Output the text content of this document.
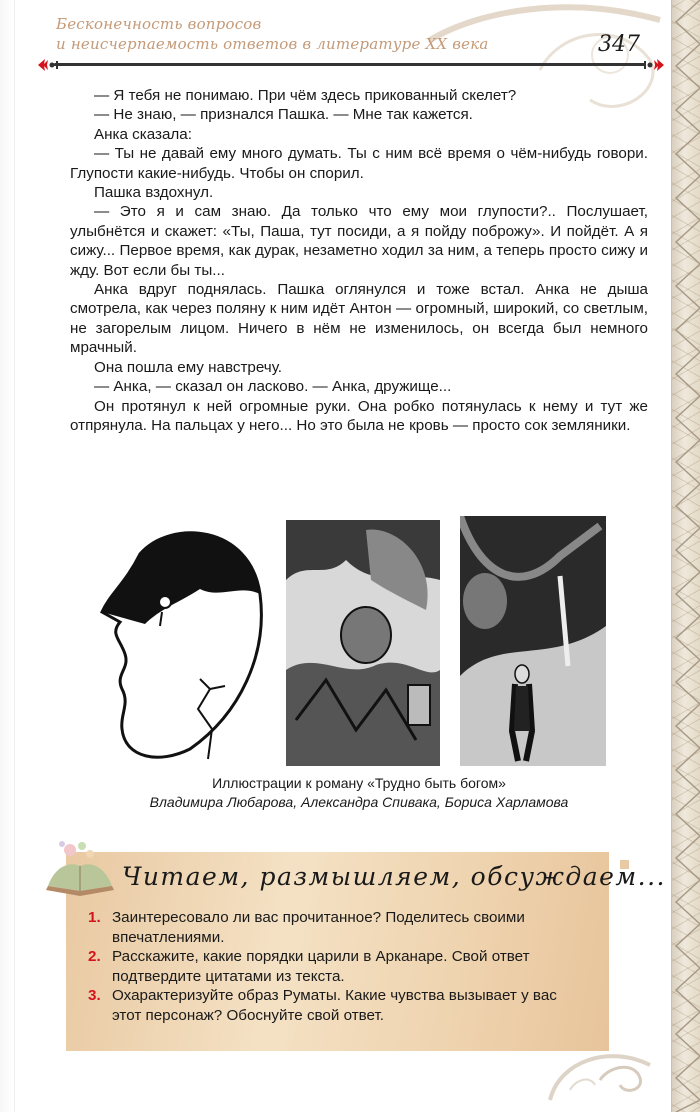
Бесконечность вопросов
и неисчерпаемость ответов в литературе XX века	347

— Я тебя не понимаю. При чём здесь прикованный скелет?

— Не знаю, — признался Пашка. — Мне так кажется.

Анка сказала:

— Ты не давай ему много думать. Ты с ним всё время о чём-нибудь говори. Глупости какие-нибудь. Чтобы он спорил.

Пашка вздохнул.

— Это я и сам знаю. Да только что ему мои глупости?.. Послушает, улыбнётся и скажет: «Ты, Паша, тут посиди, а я пойду поброжу». И пойдёт. А я сижу... Первое время, как дурак, незаметно ходил за ним, а теперь просто сижу и жду. Вот если бы ты...

Анка вдруг поднялась. Пашка оглянулся и тоже встал. Анка не дыша смотрела, как через поляну к ним идёт Антон — огромный, широкий, со светлым, не загорелым лицом. Ничего в нём не изменилось, он всегда был немного мрачный.

Она пошла ему навстречу.

— Анка, — сказал он ласково. — Анка, дружище...

Он протянул к ней огромные руки. Она робко потянулась к нему и тут же отпрянула. На пальцах у него... Но это была не кровь — просто сок земляники.

Иллюстрации к роману «Трудно быть богом»
Владимира Любарова, Александра Спивака, Бориса Харламова
Читаем, размышляем, обсуждаем...
1. Заинтересовало ли вас прочитанное? Поделитесь своими впечатлениями.
2. Расскажите, какие порядки царили в Арканаре. Свой ответ подтвердите цитатами из текста.
3. Охарактеризуйте образ Руматы. Какие чувства вызывает у вас этот персонаж? Обоснуйте свой ответ.
